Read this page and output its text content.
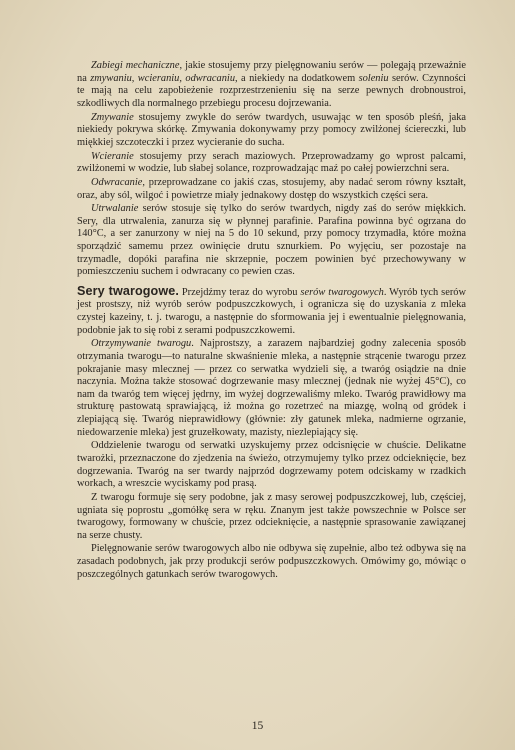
Zabiegi mechaniczne, jakie stosujemy przy pielęgnowaniu serów — polegają przeważnie na zmywaniu, wcieraniu, odwracaniu, a niekiedy na dodatkowem soleniu serów. Czynności te mają na celu zapobieżenie rozprzestrzenieniu się na serze pewnych drobnoustroi, szkodliwych dla normalnego przebiegu procesu dojrzewania.

Zmywanie stosujemy zwykle do serów twardych, usuwając w ten sposób pleśń, jaka niekiedy pokrywa skórkę. Zmywania dokonywamy przy pomocy zwilżonej ściereczki, lub miękkiej szczoteczki i przez wycieranie do sucha.

Wcieranie stosujemy przy serach maziowych. Przeprowadzamy go wprost palcami, zwilżonemi w wodzie, lub słabej solance, rozprowadzając maź po całej powierzchni sera.

Odwracanie, przeprowadzane co jakiś czas, stosujemy, aby nadać serom równy kształt, oraz, aby sól, wilgoć i powietrze miały jednakowy dostęp do wszystkich części sera.

Utrwalanie serów stosuje się tylko do serów twardych, nigdy zaś do serów miękkich. Sery, dla utrwalenia, zanurza się w płynnej parafinie. Parafina powinna być ogrzana do 140°C, a ser zanurzony w niej na 5 do 10 sekund, przy pomocy trzymadła, które można sporządzić samemu przez owinięcie drutu sznurkiem. Po wyjęciu, ser pozostaje na trzymadle, dopóki parafina nie skrzepnie, poczem powinien być przechowywany w pomieszczeniu suchem i odwracany co pewien czas.

Sery twarogowe. Przejdźmy teraz do wyrobu serów twarogowych. Wyrób tych serów jest prostszy, niż wyrób serów podpuszczkowych, i ogranicza się do uzyskania z mleka czystej kazeiny, t. j. twarogu, a następnie do sformowania jej i ewentualnie pielęgnowania, podobnie jak to się robi z serami podpuszczkowemi.

Otrzymywanie twarogu. Najprostszy, a zarazem najbardziej godny zalecenia sposób otrzymania twarogu—to naturalne skwaśnienie mleka, a następnie strącenie twarogu przez pokrajanie masy mlecznej — przez co serwatka wydzieli się, a twaróg osiądzie na dnie naczynia. Można także stosować dogrzewanie masy mlecznej (jednak nie wyżej 45°C), co nam da twaróg tem więcej jędrny, im wyżej dogrzewaliśmy mleko. Twaróg prawidłowy ma strukturę pastowatą sprawiającą, iż można go rozetrzeć na miazgę, wolną od gródek i zlepiającą się. Twaróg nieprawidłowy (głównie: zły gatunek mleka, nadmierne ogrzanie, niedowarzenie mleka) jest gruzełkowaty, mazisty, niezlepiający się.

Oddzielenie twarogu od serwatki uzyskujemy przez odcisnięcie w chuście. Delikatne twarożki, przeznaczone do zjedzenia na świeżo, otrzymujemy tylko przez odcieknięcie, bez dogrzewania. Twaróg na ser twardy najprzód dogrzewamy potem odciskamy w rzadkich workach, a wreszcie wyciskamy pod prasą.

Z twarogu formuje się sery podobne, jak z masy serowej podpuszczkowej, lub, częściej, ugniata się poprostu „gomółkę sera w ręku. Znanym jest także powszechnie w Polsce ser twarogowy, formowany w chuście, przez odcieknięcie, a następnie sprasowanie zawiązanej na serze chusty.

Pielęgnowanie serów twarogowych albo nie odbywa się zupełnie, albo też odbywa się na zasadach podobnych, jak przy produkcji serów podpuszczkowych. Omówimy go, mówiąc o poszczególnych gatunkach serów twarogowych.

15
